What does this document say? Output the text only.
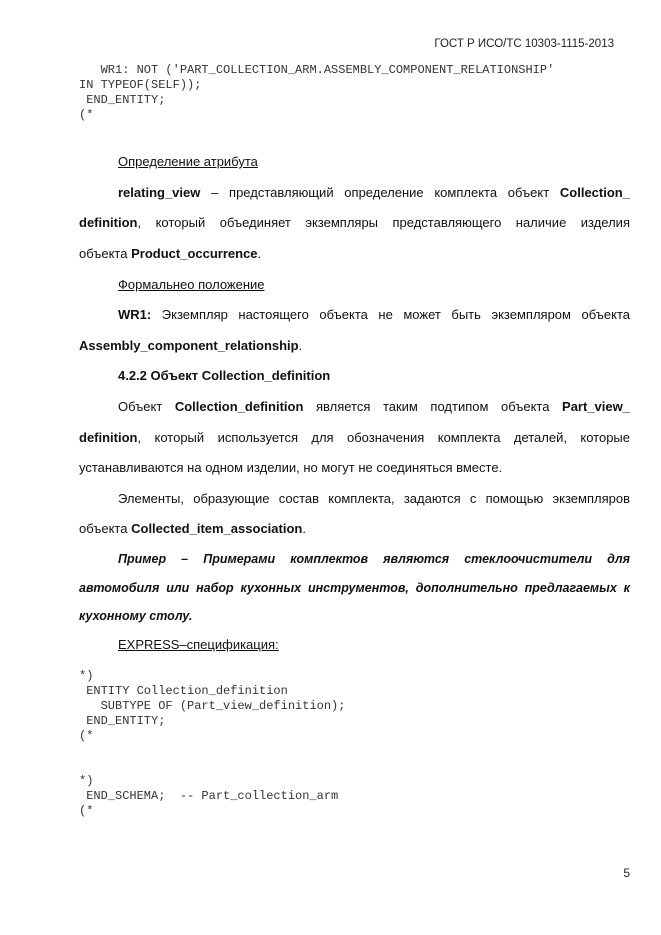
ГОСТ Р ИСО/ТС 10303-1115-2013
WR1: NOT ('PART_COLLECTION_ARM.ASSEMBLY_COMPONENT_RELATIONSHIP'
IN TYPEOF(SELF));
END_ENTITY;
(*
Определение атрибута
relating_view – представляющий определение комплекта объект Collection_
definition, который объединяет экземпляры представляющего наличие изделия
объекта Product_occurrence.
Формальнео положение
WR1: Экземпляр настоящего объекта не может быть экземпляром объекта
Assembly_component_relationship.
4.2.2 Объект Collection_definition
Объект Collection_definition является таким подтипом объекта Part_view_
definition, который используется для обозначения комплекта деталей, которые
устанавливаются на одном изделии, но могут не соединяться вместе.
Элементы, образующие состав комплекта, задаются с помощью экземпляров
объекта Collected_item_association.
Пример – Примерами комплектов являются стеклоочистители для
автомобиля или набор кухонных инструментов, дополнительно предлагаемых к
кухонному столу.
EXPRESS–спецификация:
*)
ENTITY Collection_definition
SUBTYPE OF (Part_view_definition);
END_ENTITY;
(*
*)
END_SCHEMA;  -- Part_collection_arm
(*
5
